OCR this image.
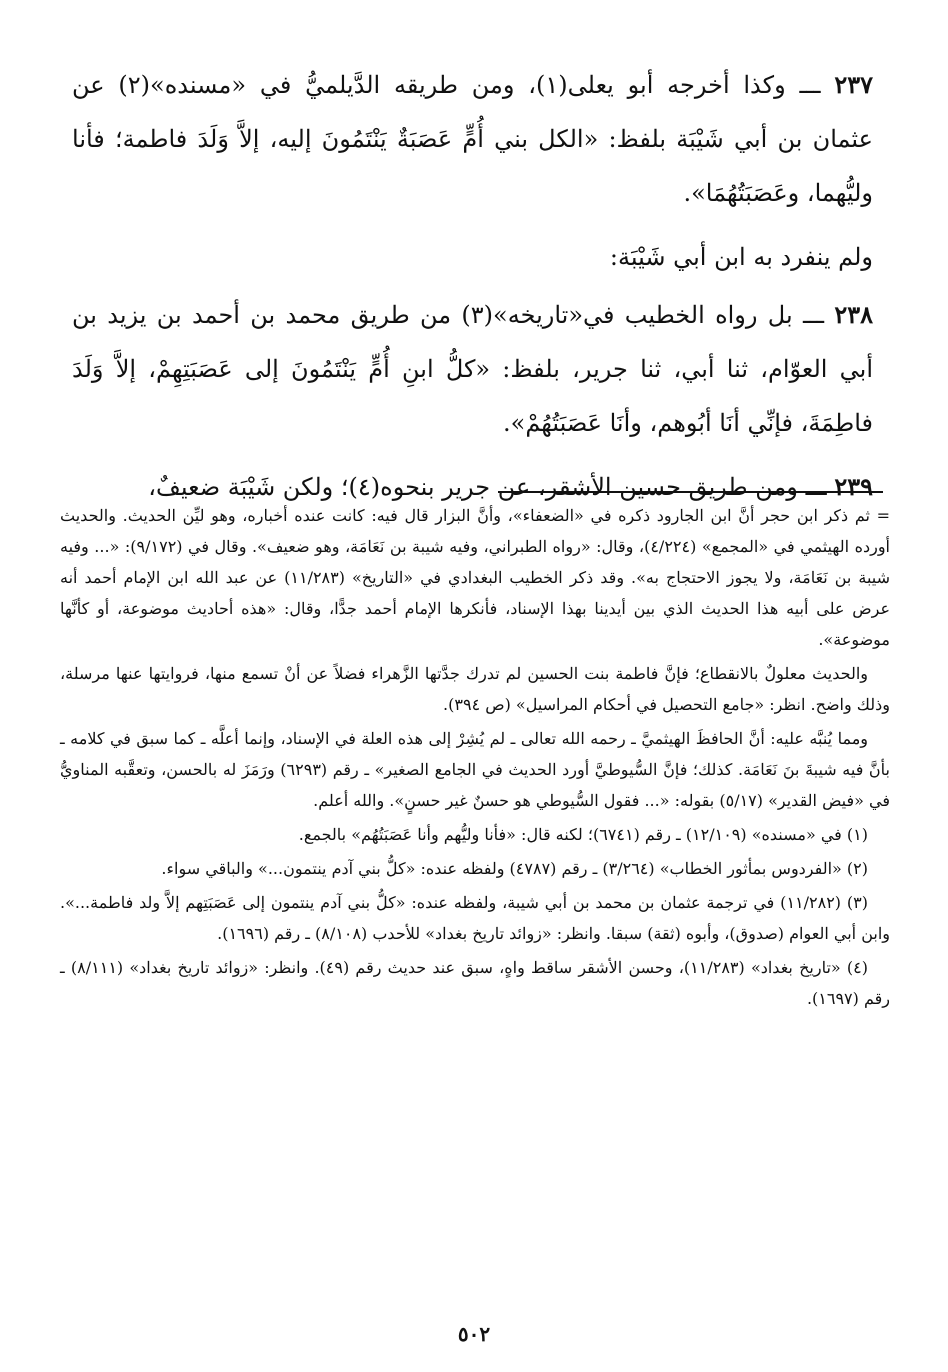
٢٣٧ ـــ وكذا أخرجه أبو يعلى(١)، ومن طريقه الدَّيلميُّ في «مسنده»(٢) عن عثمان بن أبي شَيْبَة بلفظ: «الكل بني أُمٍّ عَصَبَةٌ يَنْتَمُونَ إليه، إلاَّ وَلَدَ فاطمة؛ فأنا وليُّهما، وعَصَبَتُهُمَا».

ولم ينفرد به ابن أبي شَيْبَة:

٢٣٨ ـــ بل رواه الخطيب في«تاريخه»(٣) من طريق محمد بن أحمد بن يزيد بن أبي العوّام، ثنا أبي، ثنا جرير، بلفظ: «كلُّ ابنِ أُمٍّ يَنْتَمُونَ إلى عَصَبَتِهِمْ، إلاَّ وَلَدَ فاطِمَةَ، فإنِّي أنَا أبُوهم، وأنَا عَصَبَتُهُمْ».

٢٣٩ ـــ ومن طريق حسين الأشقر، عن جرير بنحوه(٤)؛ ولكن شَيْبَة ضعيفٌ،

= ثم ذكر ابن حجر أنَّ ابن الجارود ذكره في «الضعفاء»، وأنَّ البزار قال فيه: كانت عنده أخباره، وهو ليِّن الحديث. والحديث أورده الهيثمي في «المجمع» (٤/٢٢٤)، وقال: «رواه الطبراني، وفيه شيبة بن نَعَامَة، وهو ضعيف». وقال في (٩/١٧٢): «... وفيه شيبة بن نَعَامَة، ولا يجوز الاحتجاج به». وقد ذكر الخطيب البغدادي في «التاريخ» (١١/٢٨٣) عن عبد الله ابن الإمام أحمد أنه عرض على أبيه هذا الحديث الذي بين أيدينا بهذا الإسناد، فأنكرها الإمام أحمد جدًّا، وقال: «هذه أحاديث موضوعة، أو كأنَّها موضوعة».

والحديث معلولٌ بالانقطاع؛ فإنَّ فاطمة بنت الحسين لم تدرك جدَّتها الزَّهراء فضلاً عن أنْ تسمع منها، فروايتها عنها مرسلة، وذلك واضح. انظر: «جامع التحصيل في أحكام المراسيل» (ص ٣٩٤).

ومما يُنبَّه عليه: أنَّ الحافظَ الهيثميَّ ـ رحمه الله تعالى ـ لم يُشِرْ إلى هذه العلة في الإسناد، وإنما أعلَّه ـ كما سبق في كلامه ـ بأنَّ فيه شيبةَ بنَ نَعَامَة. كذلك؛ فإنَّ السُّيوطيَّ أورد الحديث في الجامع الصغير» ـ رقم (٦٢٩٣) ورَمَزَ له بالحسن، وتعقَّبه المناويُّ في «فيض القدير» (٥/١٧) بقوله: «... فقول السُّيوطي هو حسنٌ غير حسنٍ». والله أعلم.

(١) في «مسنده» (١٢/١٠٩) ـ رقم (٦٧٤١)؛ لكنه قال: «فأنا وليُّهم وأنا عَصَبَتُهُم» بالجمع.

(٢) «الفردوس بمأثور الخطاب» (٣/٢٦٤) ـ رقم (٤٧٨٧) ولفظه عنده: «كلُّ بني آدم ينتمون...» والباقي سواء.

(٣) (١١/٢٨٢) في ترجمة عثمان بن محمد بن أبي شيبة، ولفظه عنده: «كلُّ بني آدم ينتمون إلى عَصَبَتِهم إلاَّ ولد فاطمة...». وابن أبي العوام (صدوق)، وأبوه (ثقة) سبقا. وانظر: «زوائد تاريخ بغداد» للأحدب (٨/١٠٨) ـ رقم (١٦٩٦).

(٤) «تاريخ بغداد» (١١/٢٨٣)، وحسن الأشقر ساقط واهٍ، سبق عند حديث رقم (٤٩). وانظر: «زوائد تاريخ بغداد» (٨/١١١) ـ رقم (١٦٩٧).

٥٠٢
